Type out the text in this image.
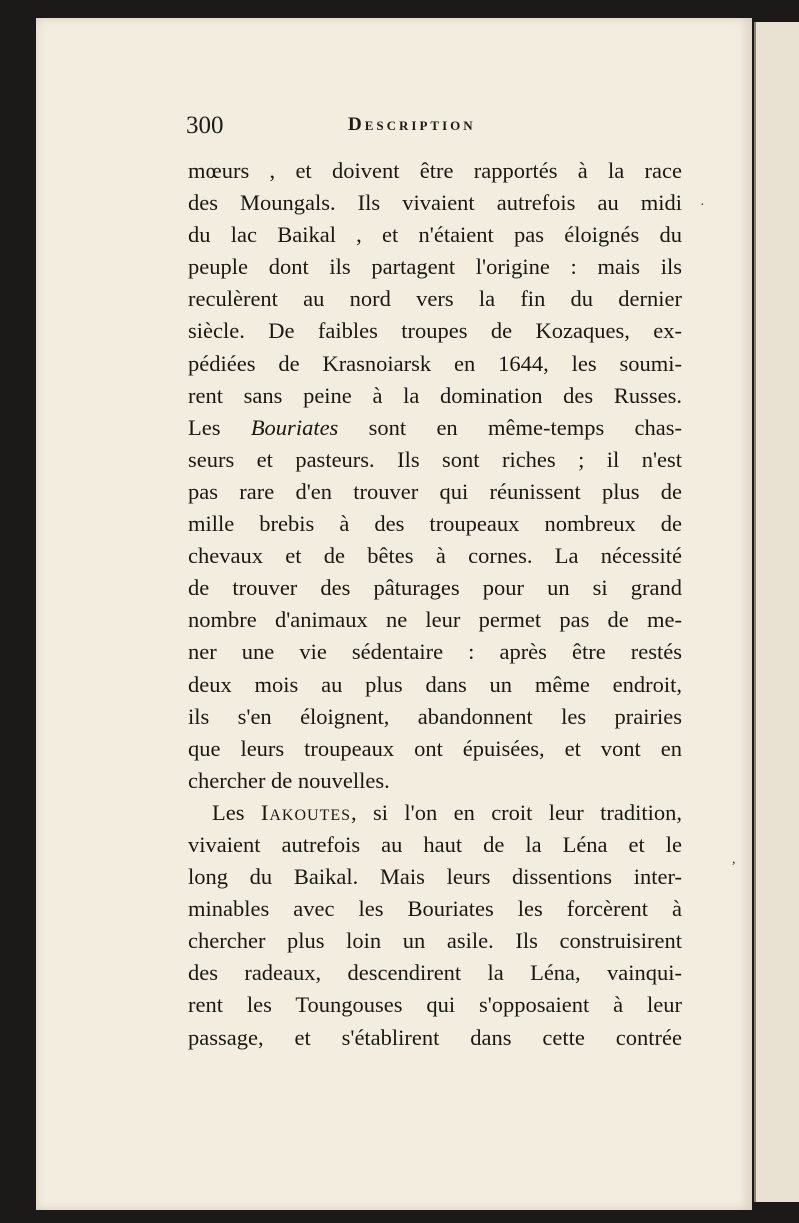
300	Description
mœurs , et doivent être rapportés à la race
des Moungals. Ils vivaient autrefois au midi
du lac Baikal , et n'étaient pas éloignés du
peuple dont ils partagent l'origine : mais ils
reculèrent au nord vers la fin du dernier
siècle. De faibles troupes de Kozaques, ex-
pédiées de Krasnoiarsk en 1644, les soumi-
rent sans peine à la domination des Russes.
Les Bouriates sont en même-temps chas-
seurs et pasteurs. Ils sont riches ; il n'est
pas rare d'en trouver qui réunissent plus de
mille brebis à des troupeaux nombreux de
chevaux et de bêtes à cornes. La nécessité
de trouver des pâturages pour un si grand
nombre d'animaux ne leur permet pas de me-
ner une vie sédentaire : après être restés
deux mois au plus dans un même endroit,
ils s'en éloignent, abandonnent les prairies
que leurs troupeaux ont épuisées, et vont en
chercher de nouvelles.
Les Iakoutes, si l'on en croit leur tradition,
vivaient autrefois au haut de la Léna et le
long du Baikal. Mais leurs dissentions inter-
minables avec les Bouriates les forcèrent à
chercher plus loin un asile. Ils construisirent
des radeaux, descendirent la Léna, vainqui-
rent les Toungouses qui s'opposaient à leur
passage, et s'établirent dans cette contrée
·
,
